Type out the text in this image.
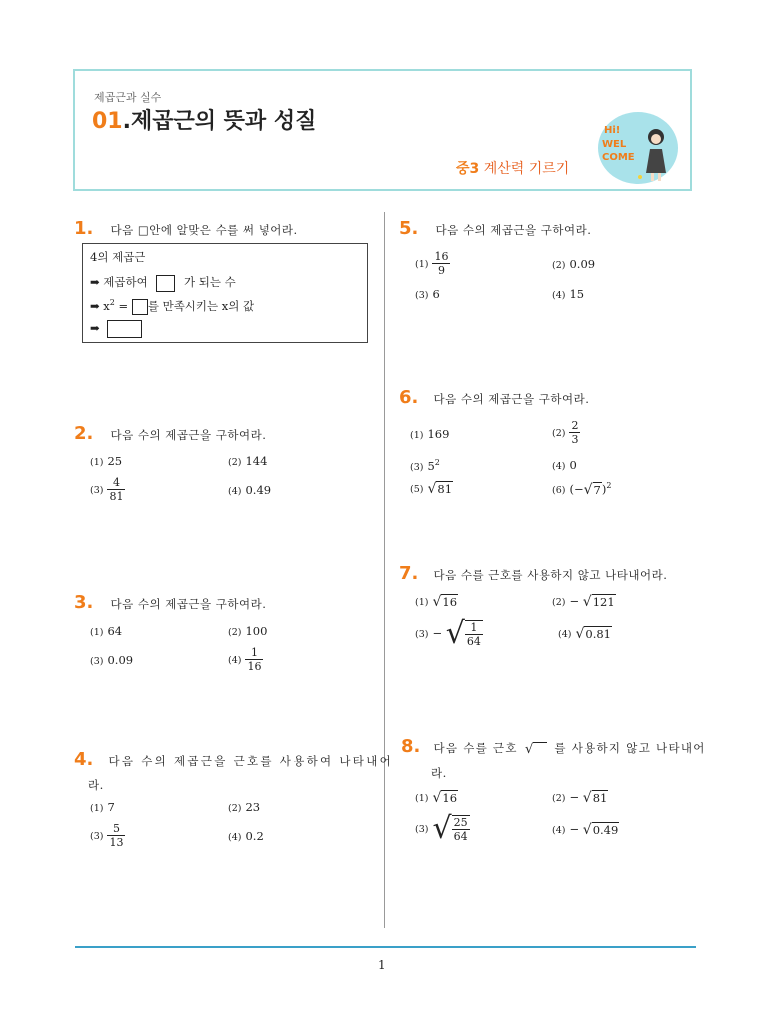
제곱근과 실수
01.제곱근의 뜻과 성질
중3 계산력 기르기
Hi!
WEL
COME
1. 다음 □안에 알맞은 수를 써 넣어라.
4의 제곱근
➡ 제곱하여	가 되는 수
➡ $x^2$ = 를 만족시키는 x의 값
➡
2. 다음 수의 제곱근을 구하여라.
(1) 25	(2) 144
$(3) \frac{4}{81}$	(4) 0.49
3. 다음 수의 제곱근을 구하여라.
(1) 64	(2) 100
(3) 0.09	$(4) \frac{1}{16}$
4. 다음 수의 제곱근을 근호를 사용하여 나타내어
라.
(1) 7	(2) 23
$(3) \frac{5}{13}$	(4) 0.2
5. 다음 수의 제곱근을 구하여라.
$(1) \frac{16}{9}$	(2) 0.09
(3) 6	(4) 15
6. 다음 수의 제곱근을 구하여라.
(1) 169	$(2) \frac{2}{3}$
(3) $5^2$	(4) 0
(5) √81	(6) $(-√7)^2$
7. 다음 수를 근호를 사용하지 않고 나타내어라.
(1) √16	(2) − √121
(3) − √ $\frac{1}{64}$	(4) √0.81
8. 다음 수를 근호 √ 를 사용하지 않고 나타내어
라.
(1) √16	(2) − √81
(3) √ $\frac{25}{64}$	(4) − √0.49
1
